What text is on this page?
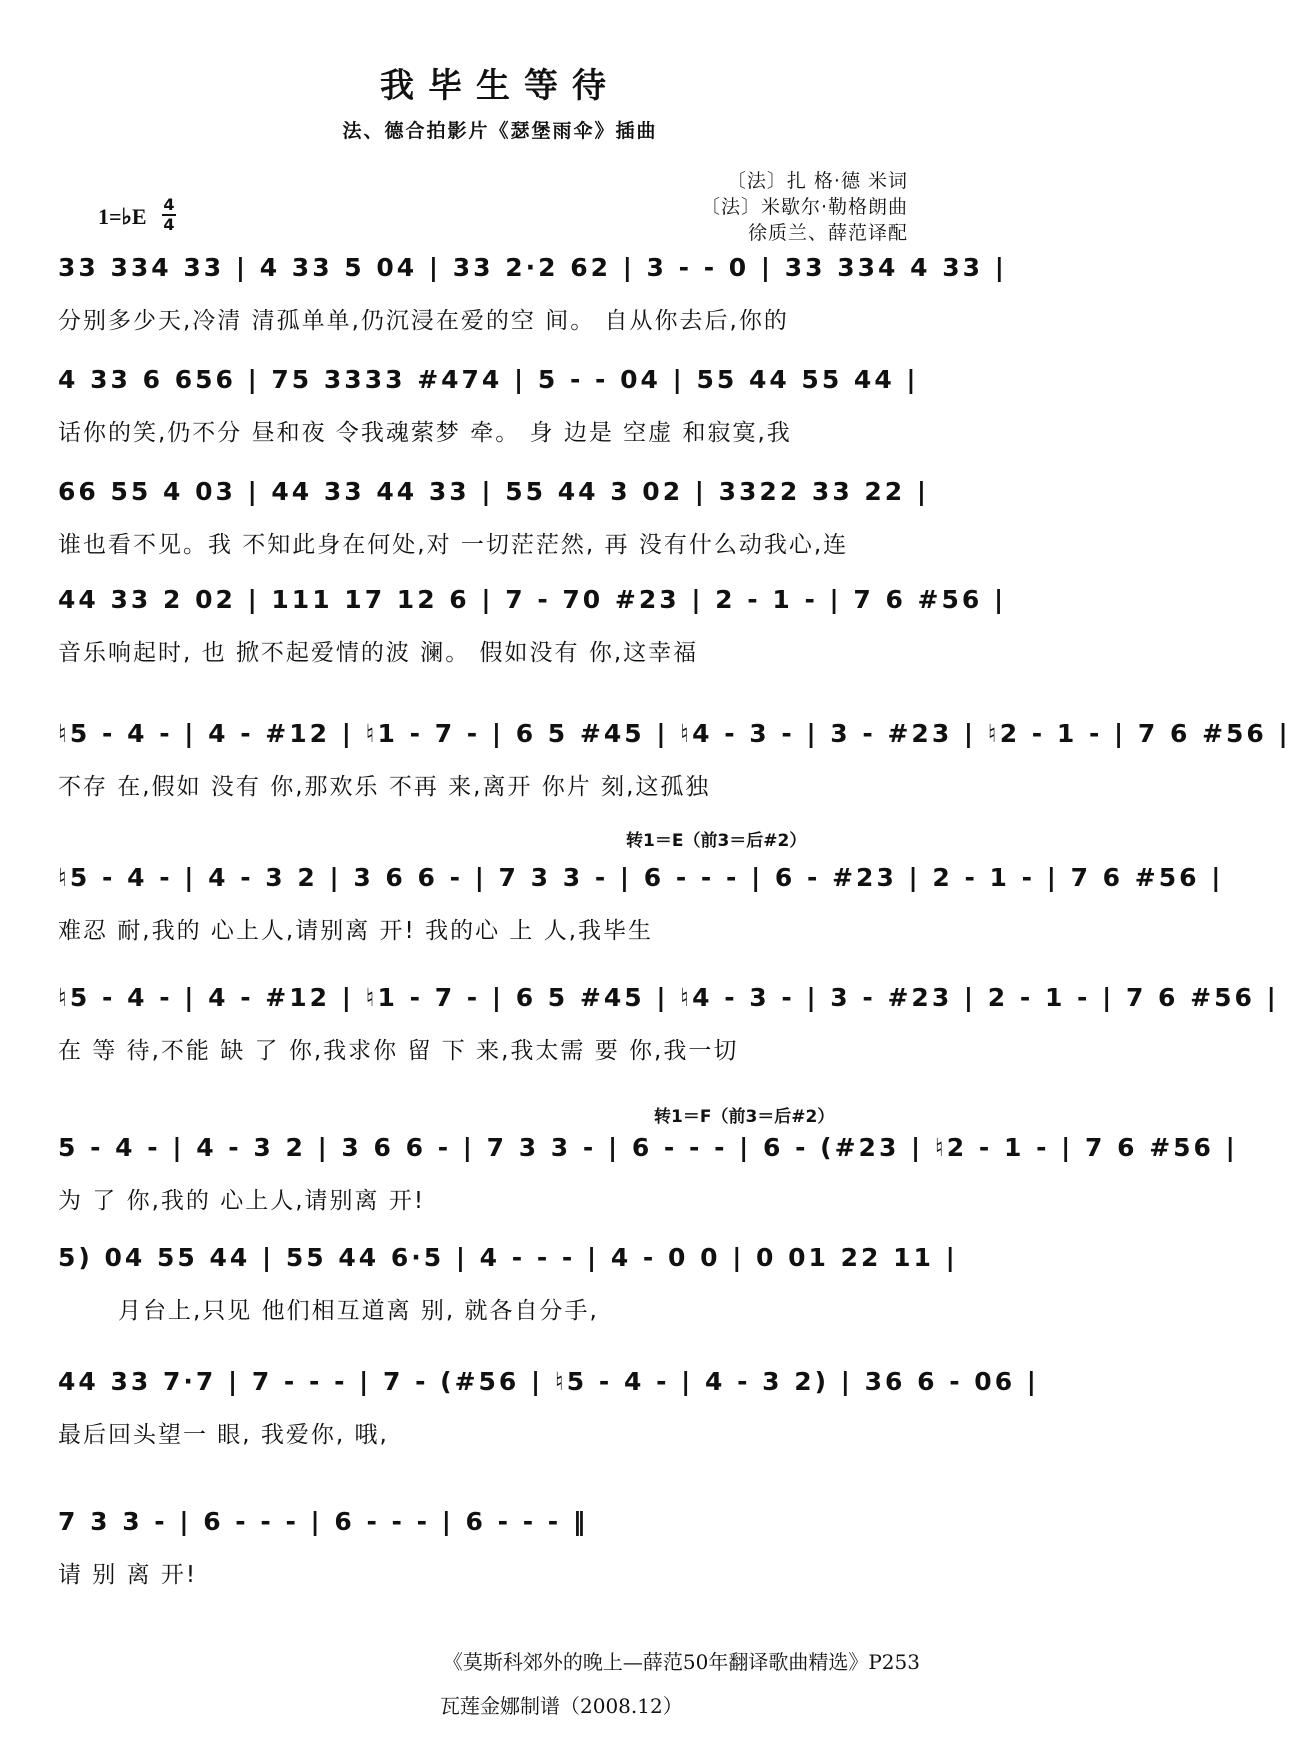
我毕生等待
法、德合拍影片《瑟堡雨伞》插曲
〔法〕扎 格·德 米词
〔法〕米歇尔·勒格朗曲
徐质兰、薛范译配
1=♭E 4
4
33 334 33 | 4 33 5 04 | 33 2·2 62 | 3 - - 0 | 33 334 4 33 |
分别多少天,冷清 清孤单单,仍沉浸在爱的空 间。 自从你去后,你的
4 33 6 656 | 75 3333 #474 | 5 - - 04 | 55 44 55 44 |
话你的笑,仍不分 昼和夜 令我魂萦梦 牵。 身 边是 空虚 和寂寞,我
66 55 4 03 | 44 33 44 33 | 55 44 3 02 | 3322 33 22 |
谁也看不见。我 不知此身在何处,对 一切茫茫然, 再 没有什么动我心,连
44 33 2 02 | 111 17 12 6 | 7 - 70 #23 | 2 - 1 - | 7 6 #56 |
音乐响起时, 也 掀不起爱情的波 澜。 假如没有 你,这幸福
♮5 - 4 - | 4 - #12 | ♮1 - 7 - | 6 5 #45 | ♮4 - 3 - | 3 - #23 | ♮2 - 1 - | 7 6 #56 |
不存 在,假如 没有 你,那欢乐 不再 来,离开 你片 刻,这孤独
转1＝E（前3＝后#2）
♮5 - 4 - | 4 - 3 2 | 3 6 6 - | 7 3 3 - | 6 - - - | 6 - #23 | 2 - 1 - | 7 6 #56 |
难忍 耐,我的 心上人,请别离 开! 我的心 上 人,我毕生
♮5 - 4 - | 4 - #12 | ♮1 - 7 - | 6 5 #45 | ♮4 - 3 - | 3 - #23 | 2 - 1 - | 7 6 #56 |
在 等 待,不能 缺 了 你,我求你 留 下 来,我太需 要 你,我一切
转1＝F（前3＝后#2）
5 - 4 - | 4 - 3 2 | 3 6 6 - | 7 3 3 - | 6 - - - | 6 - (#23 | ♮2 - 1 - | 7 6 #56 |
为 了 你,我的 心上人,请别离 开!
5) 04 55 44 | 55 44 6·5 | 4 - - - | 4 - 0 0 | 0 01 22 11 |
月台上,只见 他们相互道离 别, 就各自分手,
44 33 7·7 | 7 - - - | 7 - (#56 | ♮5 - 4 - | 4 - 3 2) | 36 6 - 06 |
最后回头望一 眼, 我爱你, 哦,
7 3 3 - | 6 - - - | 6 - - - | 6 - - - ‖
请 别 离 开!
《莫斯科郊外的晚上—薛范50年翻译歌曲精选》P253
瓦莲金娜制谱（2008.12）
